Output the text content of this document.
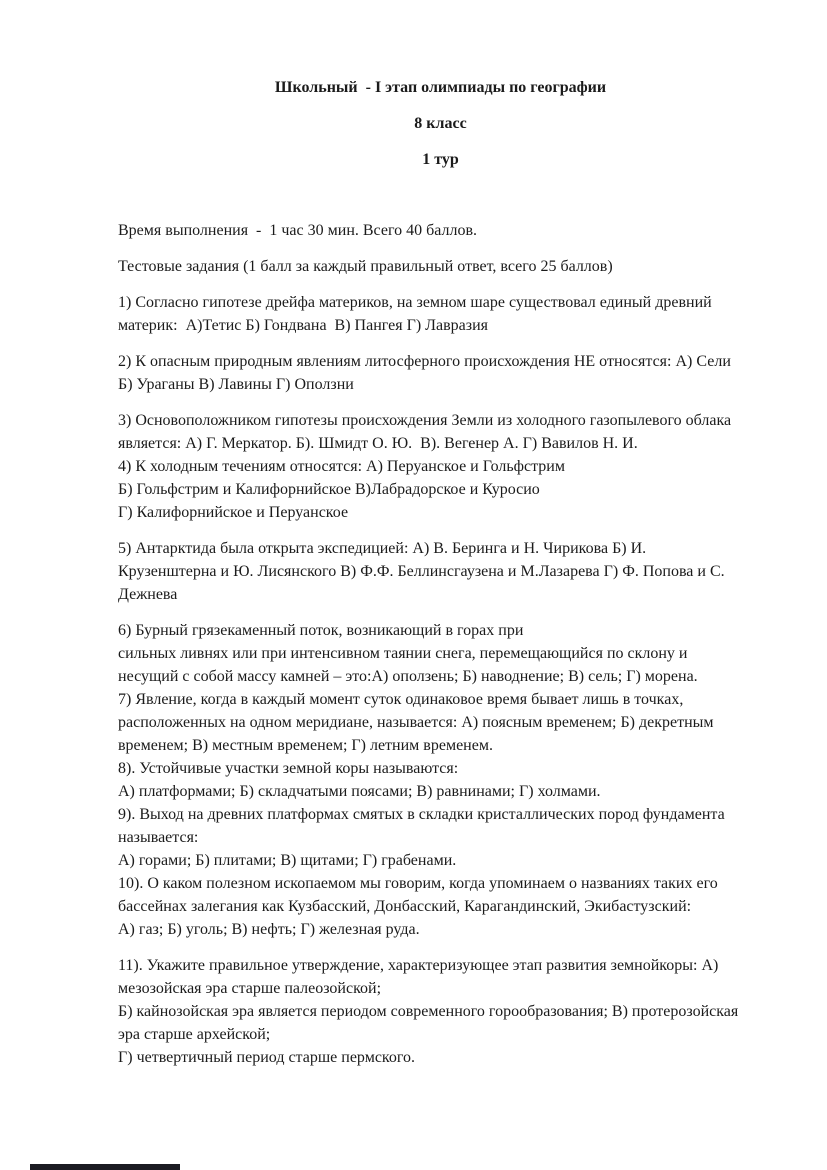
Школьный  - I этап олимпиады по географии

8 класс

1 тур

Время выполнения  -  1 час 30 мин. Всего 40 баллов.

Тестовые задания (1 балл за каждый правильный ответ, всего 25 баллов)

1) Согласно гипотезе дрейфа материков, на земном шаре существовал единый древний
материк:  А)Тетис Б) Гондвана  В) Пангея Г) Лавразия

2) К опасным природным явлениям литосферного происхождения НЕ относятся: А) Сели
Б) Ураганы В) Лавины Г) Оползни

3) Основоположником гипотезы происхождения Земли из холодного газопылевого облака
является: А) Г. Меркатор. Б). Шмидт О. Ю.  В). Вегенер А. Г) Вавилов Н. И.
4) К холодным течениям относятся: А) Перуанское и Гольфстрим
Б) Гольфстрим и Калифорнийское В)Лабрадорское и Куросио
Г) Калифорнийское и Перуанское

5) Антарктида была открыта экспедицией: А) В. Беринга и Н. Чирикова Б) И.
Крузенштерна и Ю. Лисянского В) Ф.Ф. Беллинсгаузена и М.Лазарева Г) Ф. Попова и С.
Дежнева

6) Бурный грязекаменный поток, возникающий в горах при
сильных ливнях или при интенсивном таянии снега, перемещающийся по склону и
несущий с собой массу камней – это:А) оползень; Б) наводнение; В) сель; Г) морена.
7) Явление, когда в каждый момент суток одинаковое время бывает лишь в точках,
расположенных на одном меридиане, называется: А) поясным временем; Б) декретным
временем; В) местным временем; Г) летним временем.
8). Устойчивые участки земной коры называются:
А) платформами; Б) складчатыми поясами; В) равнинами; Г) холмами.
9). Выход на древних платформах смятых в складки кристаллических пород фундамента
называется:
А) горами; Б) плитами; В) щитами; Г) грабенами.
10). О каком полезном ископаемом мы говорим, когда упоминаем о названиях таких его
бассейнах залегания как Кузбасский, Донбасский, Карагандинский, Экибастузский:
А) газ; Б) уголь; В) нефть; Г) железная руда.

11). Укажите правильное утверждение, характеризующее этап развития земнойкоры: А)
мезозойская эра старше палеозойской;
Б) кайнозойская эра является периодом современного горообразования; В) протерозойская
эра старше архейской;
Г) четвертичный период старше пермского.
